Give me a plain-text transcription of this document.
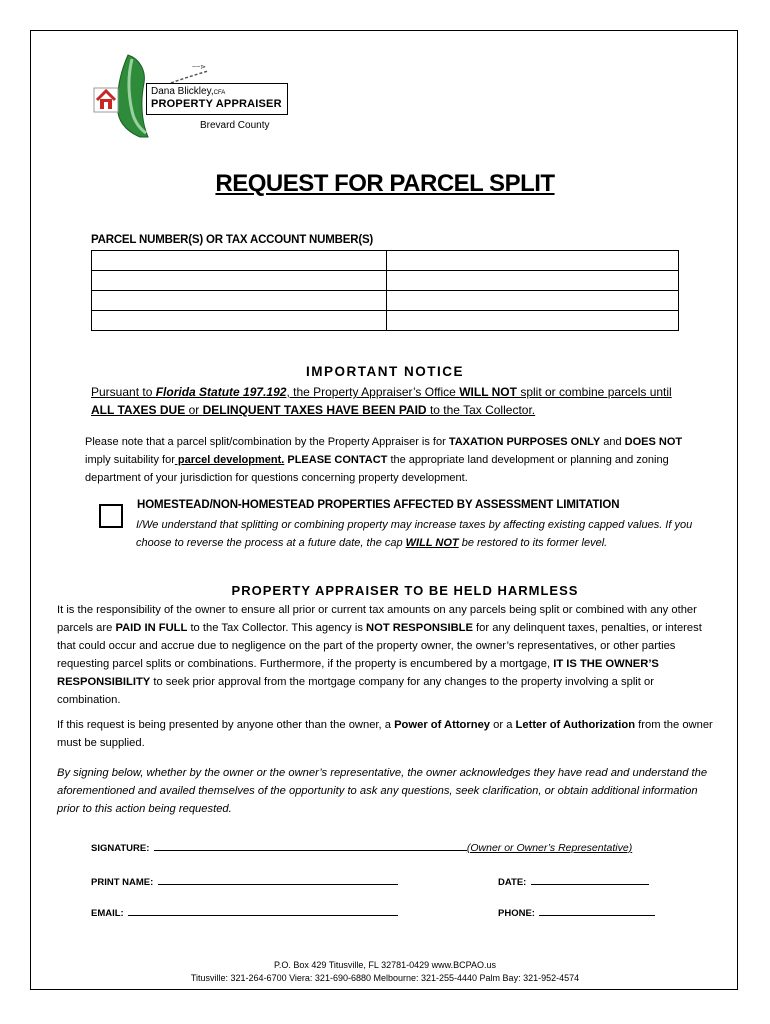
~~⋗
Dana Blickley,CFA
PROPERTY APPRAISER
Brevard County
REQUEST FOR PARCEL SPLIT
PARCEL NUMBER(S) OR TAX ACCOUNT NUMBER(S)

IMPORTANT NOTICE
Pursuant to Florida Statute 197.192, the Property Appraiser’s Office WILL NOT split or combine parcels until ALL TAXES DUE or DELINQUENT TAXES HAVE BEEN PAID to the Tax Collector.
Please note that a parcel split/combination by the Property Appraiser is for TAXATION PURPOSES ONLY and DOES NOT imply suitability for parcel development. PLEASE CONTACT the appropriate land development or planning and zoning department of your jurisdiction for questions concerning property development.
HOMESTEAD/NON-HOMESTEAD PROPERTIES AFFECTED BY ASSESSMENT LIMITATION
I/We understand that splitting or combining property may increase taxes by affecting existing capped values. If you choose to reverse the process at a future date, the cap WILL NOT be restored to its former level.
PROPERTY APPRAISER TO BE HELD HARMLESS
It is the responsibility of the owner to ensure all prior or current tax amounts on any parcels being split or combined with any other parcels are PAID IN FULL to the Tax Collector. This agency is NOT RESPONSIBLE for any delinquent taxes, penalties, or interest that could occur and accrue due to negligence on the part of the property owner, the owner’s representatives, or other parties requesting parcel splits or combinations. Furthermore, if the property is encumbered by a mortgage, IT IS THE OWNER’S RESPONSIBILITY to seek prior approval from the mortgage company for any changes to the property involving a split or combination.
If this request is being presented by anyone other than the owner, a Power of Attorney or a Letter of Authorization from the owner must be supplied.
By signing below, whether by the owner or the owner’s representative, the owner acknowledges they have read and understand the aforementioned and availed themselves of the opportunity to ask any questions, seek clarification, or obtain additional information prior to this action being requested.
SIGNATURE:	(Owner or Owner’s Representative)
PRINT NAME:	DATE:
EMAIL:	PHONE:
P.O. Box 429 Titusville, FL 32781-0429 www.BCPAO.us
Titusville: 321-264-6700 Viera: 321-690-6880 Melbourne: 321-255-4440 Palm Bay: 321-952-4574
